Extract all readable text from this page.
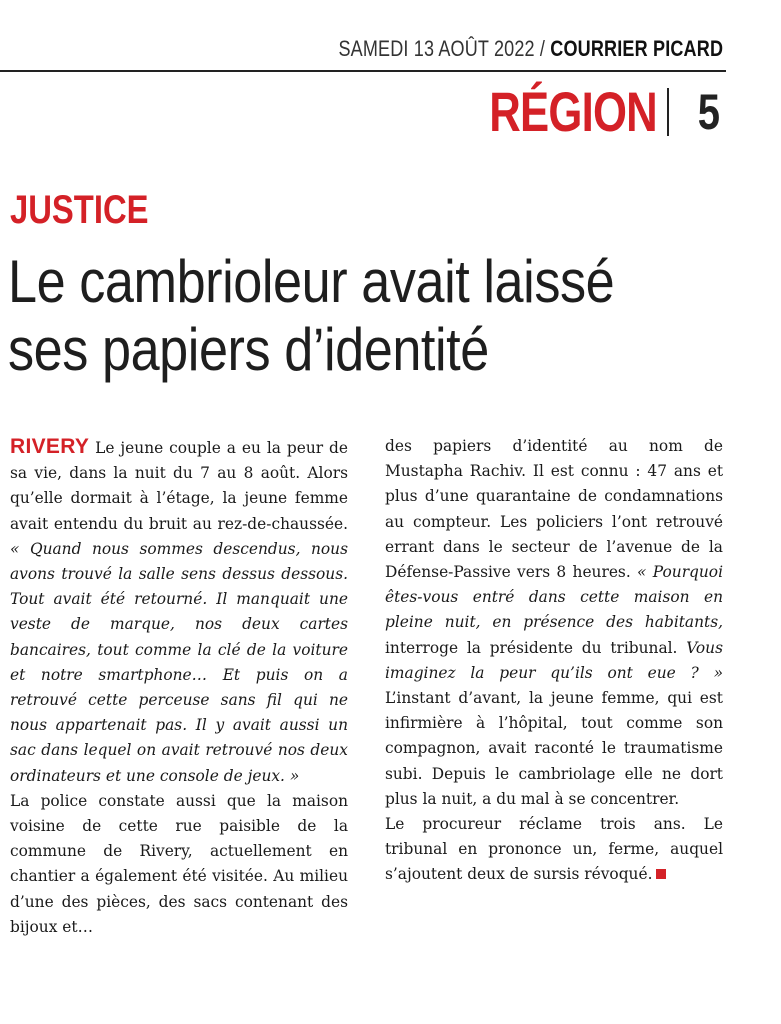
SAMEDI 13 AOÛT 2022 / COURRIER PICARD
RÉGION 5
JUSTICE
Le cambrioleur avait laissé
ses papiers d’identité

RIVERY Le jeune couple a eu la peur de sa vie, dans la nuit du 7 au 8 août. Alors qu’elle dormait à l’étage, la jeune femme avait entendu du bruit au rez-de-chaussée. « Quand nous sommes descendus, nous avons trouvé la salle sens dessus dessous. Tout avait été retourné. Il manquait une veste de marque, nos deux cartes bancaires, tout comme la clé de la voiture et notre smartphone… Et puis on a retrouvé cette perceuse sans fil qui ne nous appartenait pas. Il y avait aussi un sac dans lequel on avait retrouvé nos deux ordinateurs et une console de jeux. »

La police constate aussi que la maison voisine de cette rue paisible de la commune de Rivery, actuellement en chantier a également été visitée. Au milieu d’une des pièces, des sacs contenant des bijoux et…

des papiers d’identité au nom de Mustapha Rachiv. Il est connu : 47 ans et plus d’une quarantaine de condamnations au compteur. Les policiers l’ont retrouvé errant dans le secteur de l’avenue de la Défense-Passive vers 8 heures. « Pourquoi êtes-vous entré dans cette maison en pleine nuit, en présence des habitants, interroge la présidente du tribunal. Vous imaginez la peur qu’ils ont eue ? » L’instant d’avant, la jeune femme, qui est infirmière à l’hôpital, tout comme son compagnon, avait raconté le traumatisme subi. Depuis le cambriolage elle ne dort plus la nuit, a du mal à se concentrer.

Le procureur réclame trois ans. Le tribunal en prononce un, ferme, auquel s’ajoutent deux de sursis révoqué.
